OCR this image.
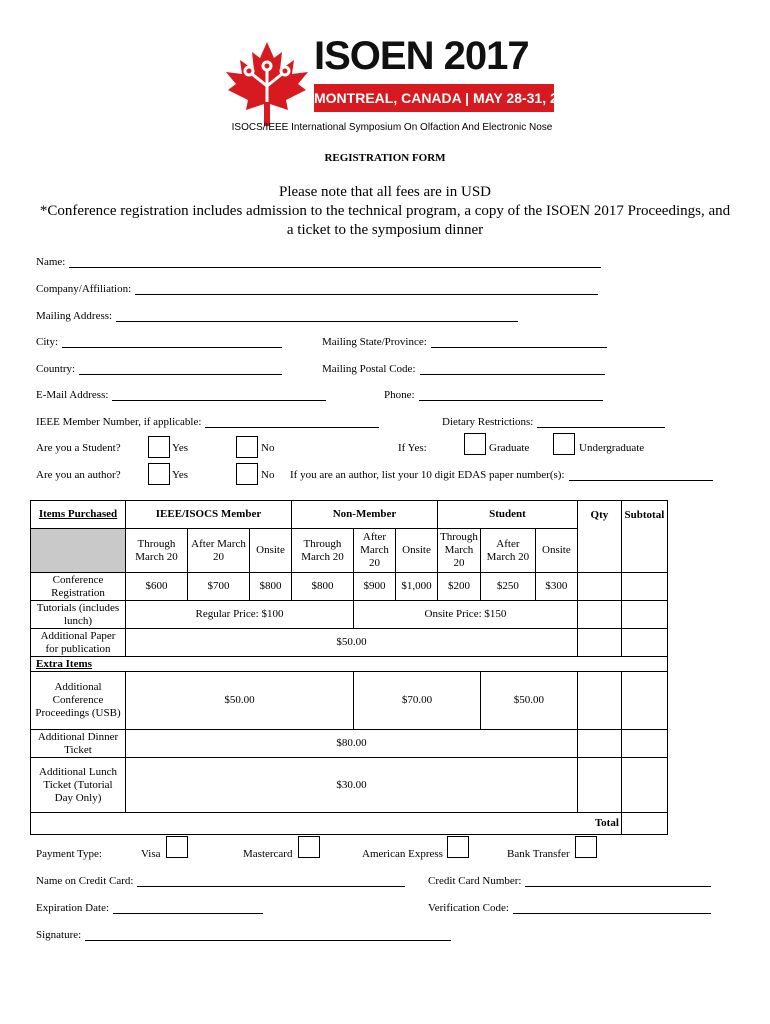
ISOEN 2017
MONTREAL, CANADA | MAY 28-31, 2017
ISOCS/IEEE International Symposium On Olfaction And Electronic Nose
REGISTRATION FORM
Please note that all fees are in USD
*Conference registration includes admission to the technical program, a copy of the ISOEN 2017 Proceedings, and
a ticket to the symposium dinner
Name:
Company/Affiliation:
Mailing Address:
City:	Mailing State/Province:
Country:	Mailing Postal Code:
E-Mail Address:	Phone:
IEEE Member Number, if applicable:	Dietary Restrictions:
Are you a Student?	Yes	No	If Yes:	Graduate	Undergraduate
Are you an author?	Yes	No If you are an author, list your 10 digit EDAS paper number(s):
Items Purchased	IEEE/ISOCS Member			Non-Member			Student			Qty	Subtotal
	Through March 20	After March 20	Onsite	Through March 20	After March 20	Onsite	Through March 20	After March 20	Onsite		
Conference Registration	$600	$700	$800	$800	$900	$1,000	$200	$250	$300		
Tutorials (includes lunch)	Regular Price: $100				Onsite Price: $150						
Additional Paper for publication	$50.00										
Extra Items											
Additional Conference Proceedings (USB)	$50.00				$70.00			$50.00			
Additional Dinner Ticket	$80.00										
Additional Lunch Ticket (Tutorial Day Only)	$30.00										
Total											
Payment Type:	Visa	Mastercard	American Express	Bank Transfer
Name on Credit Card:	Credit Card Number:
Expiration Date:	Verification Code:
Signature:
